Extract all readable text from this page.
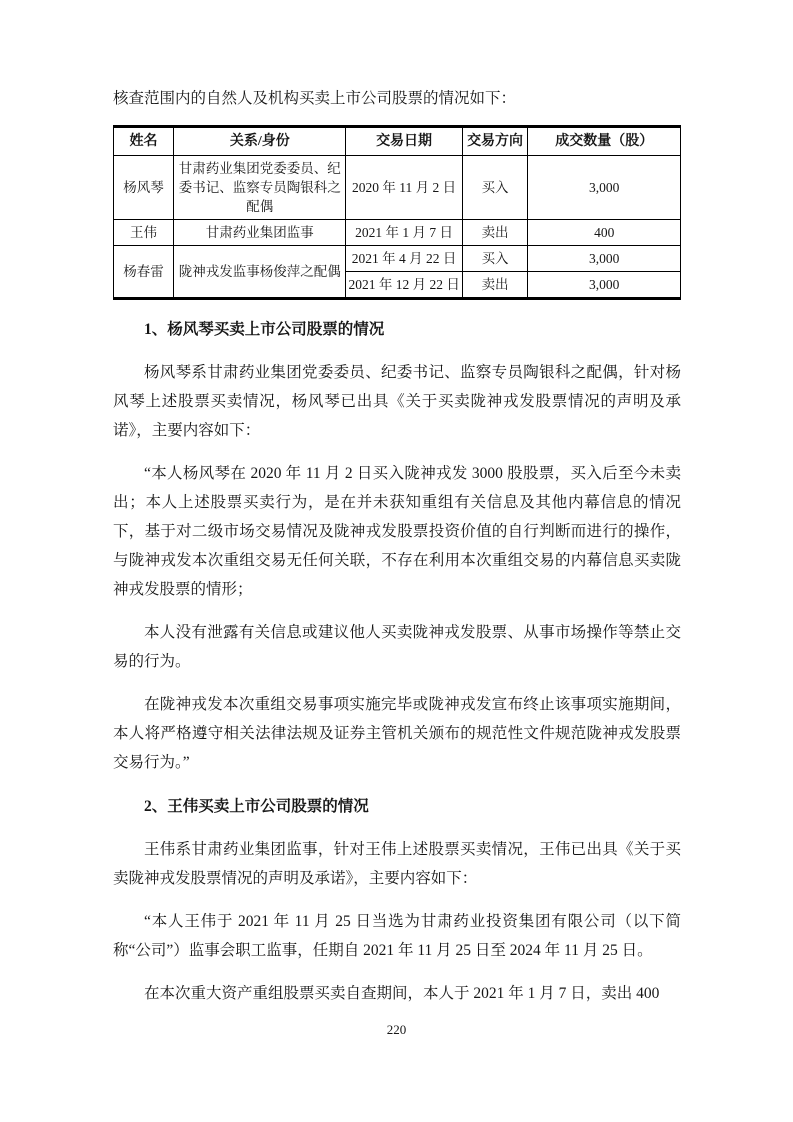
核查范围内的自然人及机构买卖上市公司股票的情况如下：

姓名	关系/身份	交易日期	交易方向	成交数量（股）
杨风琴	甘肃药业集团党委委员、纪委书记、监察专员陶银科之配偶	2020 年 11 月 2 日	买入	3,000
王伟	甘肃药业集团监事	2021 年 1 月 7 日	卖出	400
杨春雷	陇神戎发监事杨俊萍之配偶	2021 年 4 月 22 日	买入	3,000
		2021 年 12 月 22 日	卖出	3,000
1、杨风琴买卖上市公司股票的情况

杨风琴系甘肃药业集团党委委员、纪委书记、监察专员陶银科之配偶，针对杨风琴上述股票买卖情况，杨风琴已出具《关于买卖陇神戎发股票情况的声明及承诺》，主要内容如下：

“本人杨风琴在 2020 年 11 月 2 日买入陇神戎发 3000 股股票，买入后至今未卖出；本人上述股票买卖行为，是在并未获知重组有关信息及其他内幕信息的情况下，基于对二级市场交易情况及陇神戎发股票投资价值的自行判断而进行的操作，与陇神戎发本次重组交易无任何关联，不存在利用本次重组交易的内幕信息买卖陇神戎发股票的情形；

本人没有泄露有关信息或建议他人买卖陇神戎发股票、从事市场操作等禁止交易的行为。

在陇神戎发本次重组交易事项实施完毕或陇神戎发宣布终止该事项实施期间，本人将严格遵守相关法律法规及证券主管机关颁布的规范性文件规范陇神戎发股票交易行为。”

2、王伟买卖上市公司股票的情况

王伟系甘肃药业集团监事，针对王伟上述股票买卖情况，王伟已出具《关于买卖陇神戎发股票情况的声明及承诺》，主要内容如下：

“本人王伟于 2021 年 11 月 25 日当选为甘肃药业投资集团有限公司（以下简称“公司”）监事会职工监事，任期自 2021 年 11 月 25 日至 2024 年 11 月 25 日。

在本次重大资产重组股票买卖自查期间，本人于 2021 年 1 月 7 日，卖出 400

220
